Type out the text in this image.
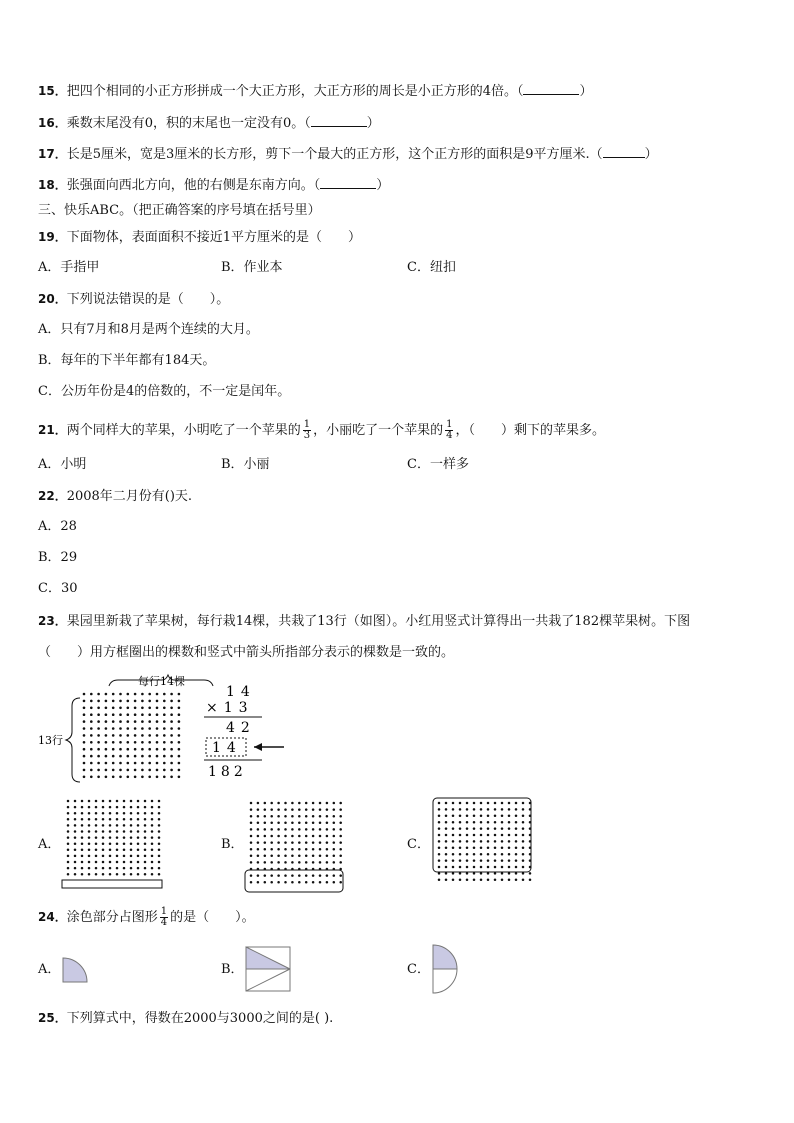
15．把四个相同的小正方形拼成一个大正方形，大正方形的周长是小正方形的4倍。（	）
16．乘数末尾没有0，积的末尾也一定没有0。（	）
17．长是5厘米，宽是3厘米的长方形，剪下一个最大的正方形，这个正方形的面积是9平方厘米.（	）
18．张强面向西北方向，他的右侧是东南方向。（	）
三、快乐ABC。（把正确答案的序号填在括号里）
19．下面物体，表面面积不接近1平方厘米的是（　　）
A．手指甲	B．作业本	C．纽扣
20．下列说法错误的是（　　）。
A．只有7月和8月是两个连续的大月。
B．每年的下半年都有184天。
C．公历年份是4的倍数的，不一定是闰年。
21．两个同样大的苹果，小明吃了一个苹果的 $\frac{1}{3}$ ，小丽吃了一个苹果的 $\frac{1}{4}$ ，（　　）剩下的苹果多。
A．小明	B．小丽	C．一样多
22．2008年二月份有()天.
A．28
B．29
C．30
23．果园里新栽了苹果树，每行栽14棵，共栽了13行（如图）。小红用竖式计算得出一共栽了182棵苹果树。下图
（　　）用方框圈出的棵数和竖式中箭头所指部分表示的棵数是一致的。
每行14棵
13行
14
×13
42
14
182
A．	B．	C．
24．涂色部分占图形 $\frac{1}{4}$ 的是（　　）。
A．	B．	C．
25．下列算式中，得数在2000与3000之间的是( ).
